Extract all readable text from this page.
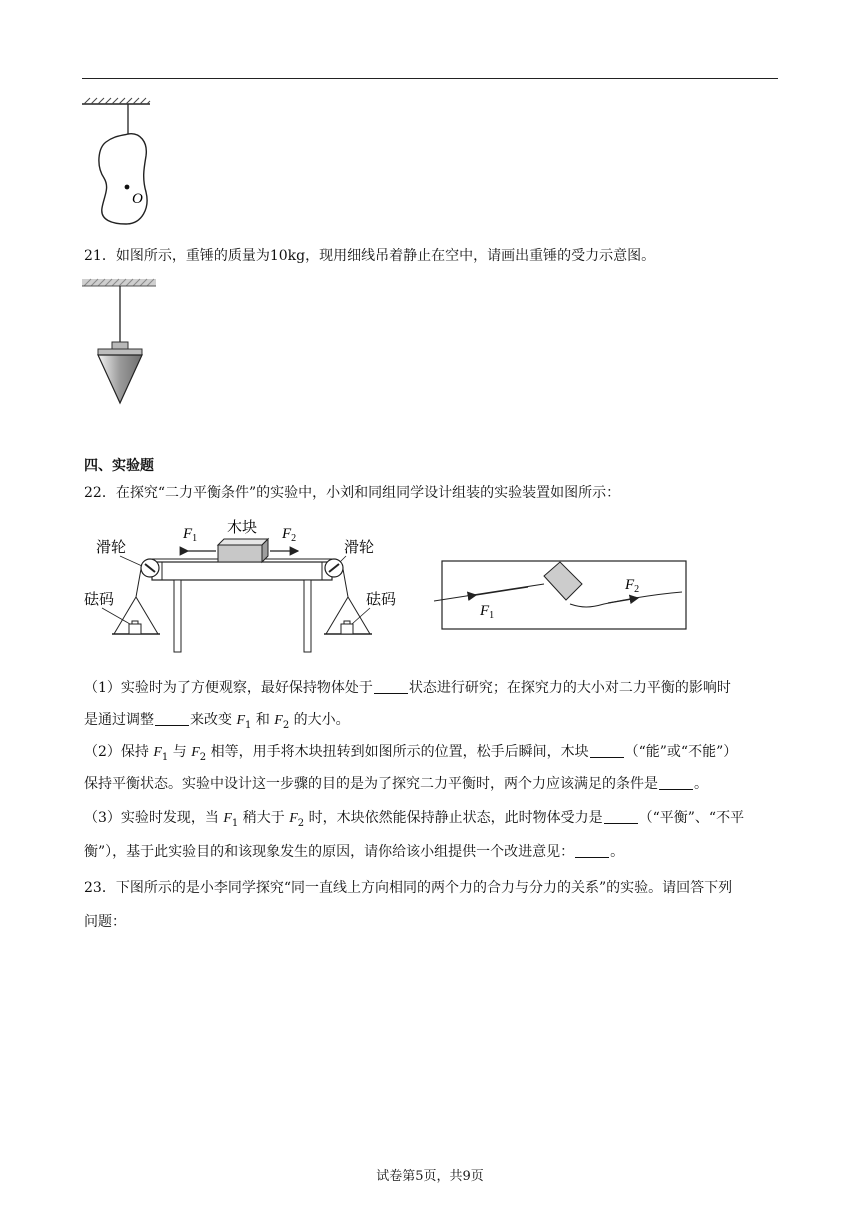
O
21．如图所示，重锤的质量为10kg，现用细线吊着静止在空中，请画出重锤的受力示意图。
四、实验题
22．在探究“二力平衡条件”的实验中，小刘和同组同学设计组装的实验装置如图所示：
$F_1$	$F_2$
木块
滑轮	滑轮
砝码	砝码
$F_1$
$F_2$
（1）实验时为了方便观察，最好保持物体处于	状态进行研究；在探究力的大小对二力平衡的影响时
是通过调整	来改变 $F_1$ 和 $F_2$ 的大小。
（2）保持 $F_1$ 与 $F_2$ 相等，用手将木块扭转到如图所示的位置，松手后瞬间，木块	（“能”或“不能”）
保持平衡状态。实验中设计这一步骤的目的是为了探究二力平衡时，两个力应该满足的条件是	。
（3）实验时发现，当 $F_1$ 稍大于 $F_2$ 时，木块依然能保持静止状态，此时物体受力是	（“平衡”、“不平
衡”），基于此实验目的和该现象发生的原因，请你给该小组提供一个改进意见：	。
23．下图所示的是小李同学探究“同一直线上方向相同的两个力的合力与分力的关系”的实验。请回答下列
问题：
试卷第5页，共9页
